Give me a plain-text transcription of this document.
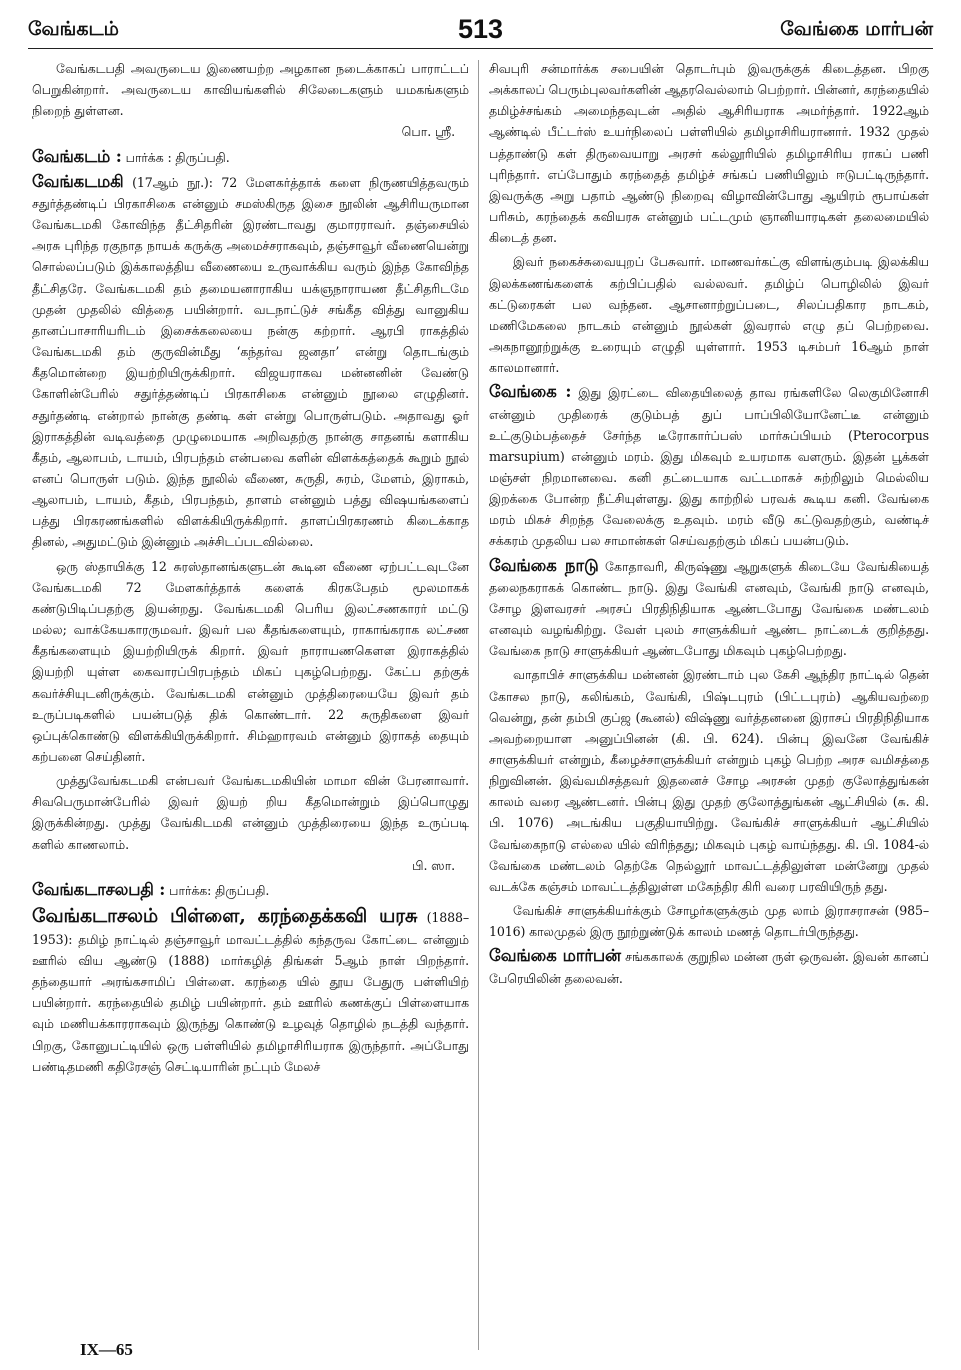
வேங்கடம்	513	வேங்கை மார்பன்

வேங்கடபதி அவருடைய இணையற்ற அழகான நடைக்காகப் பாராட்டப் பெறுகின்றார். அவருடைய காவியங்களில் சிலேடைகளும் யமகங்களும் நிறைந் துள்ளன.
பொ. ஸ்ரீ.

வேங்கடம் : பார்க்க : திருப்பதி.

வேங்கடமகி (17ஆம் நூ.): 72 மேளகர்த்தாக் களை நிருணயித்தவரும் சதுர்த்தண்டிப் பிரகாசிகை என்னும் சமஸ்கிருத இசை நூலின் ஆசிரியருமான வேங்கடமகி கோவிந்த தீட்சிதரின் இரண்டாவது குமாரராவர். தஞ்சையில் அரசு புரிந்த ரகுநாத நாயக் கருக்கு அமைச்சராகவும், தஞ்சாவூர் வீணையென்று சொல்லப்படும் இக்காலத்திய வீணையை உருவாக்கிய வரும் இந்த கோவிந்த தீட்சிதரே. வேங்கடமகி தம் தமையனாராகிய யக்ஞநாராயண தீட்சிதரிடமே முதன் முதலில் வித்தை பயின்றார். வடநாட்டுச் சங்கீத வித்து வானுகிய தானப்பாசாரியரிடம் இசைக்கலையை நன்கு கற்றார். ஆரபி ராகத்தில் வேங்கடமகி தம் குருவின்மீது ‘கந்தர்வ ஜனதா’ என்று தொடங்கும் கீதமொன்றை இயற்றியிருக்கிறார். விஜயராகவ மன்னனின் வேண்டு கோளின்பேரில் சதுர்த்தண்டிப் பிரகாசிகை என்னும் நூலை எழுதினர். சதுர்தண்டி என்றால் நான்கு தண்டி கள் என்று பொருள்படும். அதாவது ஓர் இராகத்தின் வடிவத்தை முழுமையாக அறிவதற்கு நான்கு சாதனங் களாகிய கீதம், ஆலாபம், டாயம், பிரபந்தம் என்பவை களின் விளக்கத்தைக் கூறும் நூல் எனப் பொருள் படும். இந்த நூலில் வீணை, சுருதி, சுரம், மேளம், இராகம், ஆலாபம், டாயம், கீதம், பிரபந்தம், தாளம் என்னும் பத்து விஷயங்களைப் பத்து பிரகரணங்களில் விளக்கியிருக்கிறார். தாளப்பிரகரணம் கிடைக்காத தினல், அதுமட்டும் இன்னும் அச்சிடப்படவில்லை.

ஒரு ஸ்தாயிக்கு 12 சுரஸ்தானங்களுடன் கூடின வீணை ஏற்பட்டவுடனே வேங்கடமகி 72 மேளகர்த்தாக் களைக் கிரகபேதம் மூலமாகக் கண்டுபிடிப்பதற்கு இயன்றது. வேங்கடமகி பெரிய இலட்சணகாரர் மட்டு மல்ல; வாக்கேயகாரருமவர். இவர் பல கீதங்களையும், ராகாங்கராக லட்சண கீதங்களையும் இயற்றியிருக் கிறார். இவர் நாராயணகௌள இராகத்தில் இயற்றி யுள்ள கைவாரப்பிரபந்தம் மிகப் புகழ்பெற்றது. கேட்ப தற்குக் கவர்ச்சியுடனிருக்கும். வேங்கடமகி என்னும் முத்திரையையே இவர் தம் உருப்படிகளில் பயன்படுத் திக் கொண்டார். 22 சுருதிகளை இவர் ஒப்புக்கொண்டு விளக்கியிருக்கிறார். சிம்ஹாரவம் என்னும் இராகத் தையும் கற்பனை செய்தினர்.

முத்துவேங்கடமகி என்பவர் வேங்கடமகியின் மாமா வின் பேரனாவார். சிவபெருமான்பேரில் இவர் இயற் றிய கீதமொன்றும் இப்பொழுது இருக்கின்றது. முத்து வேங்கிடமகி என்னும் முத்திரையை இந்த உருப்படி களில் காணலாம்.
பி. ஸா.

வேங்கடாசலபதி : பார்க்க: திருப்பதி.

வேங்கடாசலம் பிள்ளை, கரந்தைக்கவி யரசு (1888–1953): தமிழ் நாட்டில் தஞ்சாவூர் மாவட்டத்தில் கந்தருவ கோட்டை என்னும் ஊரில் விய ஆண்டு (1888) மார்கழித் திங்கள் 5ஆம் நாள் பிறந்தார். தந்தையார் அரங்கசாமிப் பிள்ளை. கரந்தை யில் தூய பேதுரு பள்ளியிற் பயின்றார். கரந்தையில் தமிழ் பயின்றார். தம் ஊரில் கணக்குப் பிள்ளையாக வும் மணியக்காரராகவும் இருந்து கொண்டு உழவுத் தொழில் நடத்தி வந்தார். பிறகு, கோனுபட்டியில் ஒரு பள்ளியில் தமிழாசிரியராக இருந்தார். அப்போது பண்டிதமணி கதிரேசஞ் செட்டியாரின் நட்பும் மேலச்

சிவபுரி சன்மார்க்க சபையின் தொடர்பும் இவருக்குக் கிடைத்தன. பிறகு அக்காலப் பெரும்புலவர்களின் ஆதரவெல்லாம் பெற்றார். பின்னர், கரந்தையில் தமிழ்ச்சங்கம் அமைந்தவுடன் அதில் ஆசிரியராக அமர்ந்தார். 1922ஆம் ஆண்டில் பீட்டர்ஸ் உயர்நிலைப் பள்ளியில் தமிழாசிரியரானார். 1932 முதல் பத்தாண்டு கள் திருவையாறு அரசர் கல்லூரியில் தமிழாசிரிய ராகப் பணி புரிந்தார். எப்போதும் கரந்தைத் தமிழ்ச் சங்கப் பணியிலும் ஈடுபட்டிருந்தார். இவருக்கு அறு பதாம் ஆண்டு நிறைவு விழாவின்போது ஆயிரம் ரூபாய்கள் பரிசும், கரந்தைக் கவியரசு என்னும் பட்டமும் ஞானியாரடிகள் தலைமையில் கிடைத் தன.

இவர் நகைச்சுவையுறப் பேசுவார். மாணவர்கட்கு விளங்கும்படி இலக்கிய இலக்கணங்களைக் கற்பிப்பதில் வல்லவர். தமிழ்ப் பொழிலில் இவர் கட்டுரைகள் பல வந்தன. ஆசானாற்றுப்படை, சிலப்பதிகார நாடகம், மணிமேகலை நாடகம் என்னும் நூல்கள் இவரால் எழு தப் பெற்றவை. அகநானூற்றுக்கு உரையும் எழுதி யுள்ளார். 1953 டிசம்பர் 16ஆம் நாள் காலமானார்.

வேங்கை : இது இரட்டை விதையிலைத் தாவ ரங்களிலே லெகுமினோசி என்னும் முதிரைக் குடும்பத் துப் பாப்பிலியோனேட்டீ என்னும் உட்குடும்பத்தைச் சேர்ந்த டீரோகார்ப்பஸ் மார்சுப்பியம் (Pterocorpus marsupium) என்னும் மரம். இது மிகவும் உயரமாக வளரும். இதன் பூக்கள் மஞ்சள் நிறமானவை. கனி தட்டையாக வட்டமாகச் சுற்றிலும் மெல்லிய இறக்கை போன்ற நீட்சியுள்ளது. இது காற்றில் பரவக் கூடிய கனி. வேங்கை மரம் மிகச் சிறந்த வேலைக்கு உதவும். மரம் வீடு கட்டுவதற்கும், வண்டிச் சக்கரம் முதலிய பல சாமான்கள் செய்வதற்கும் மிகப் பயன்படும்.

வேங்கை நாடு கோதாவரி, கிருஷ்ணு ஆறுகளுக் கிடையே வேங்கியைத் தலைநகராகக் கொண்ட நாடு. இது வேங்கி எனவும், வேங்கி நாடு எனவும், சோழ இளவரசர் அரசப் பிரதிநிதியாக ஆண்டபோது வேங்கை மண்டலம் எனவும் வழங்கிற்று. வேள் புலம் சாளுக்கியர் ஆண்ட நாட்டைக் குறித்தது. வேங்கை நாடு சாளுக்கியர் ஆண்டபோது மிகவும் புகழ்பெற்றது.

வாதாபிச் சாளுக்கிய மன்னன் இரண்டாம் புல கேசி ஆந்திர நாட்டில் தென் கோசல நாடு, கலிங்கம், வேங்கி, பிஷ்டபுரம் (பிட்டபுரம்) ஆகியவற்றை வென்று, தன் தம்பி குப்ஜ (கூனல்) விஷ்ணு வர்த்தனனை இராசப் பிரதிநிதியாக அவற்றையாள அனுப்பினன் (கி. பி. 624). பின்பு இவனே வேங்கிச் சாளுக்கியர் என்றும், கீழைச்சாளுக்கியர் என்றும் புகழ் பெற்ற அரச வமிசத்தை நிறுவினன். இவ்வமிசத்தவர் இதனைச் சோழ அரசன் முதற் குலோத்துங்கன் காலம் வரை ஆண்டனர். பின்பு இது முதற் குலோத்துங்கன் ஆட்சியில் (சு. கி. பி. 1076) அடங்கிய பகுதியாயிற்று. வேங்கிச் சாளுக்கியர் ஆட்சியில் வேங்கைநாடு எல்லை யில் விரிந்தது; மிகவும் புகழ் வாய்ந்தது. கி. பி. 1084-ல் வேங்கை மண்டலம் தெற்கே நெல்லூர் மாவட்டத்திலுள்ள மன்னேறு முதல் வடக்கே கஞ்சம் மாவட்டத்திலுள்ள மகேந்திர கிரி வரை பரவியிருந் தது.

வேங்கிச் சாளுக்கியர்க்கும் சோழர்களுக்கும் முத லாம் இராசராசன் (985–1016) காலமுதல் இரு நூற்றுண்டுக் காலம் மணத் தொடர்பிருந்தது.

வேங்கை மார்பன் சங்ககாலக் குறுநில மன்ன ருள் ஒருவன். இவன் கானப் பேரெயிலின் தலைவன்.

IX—65
